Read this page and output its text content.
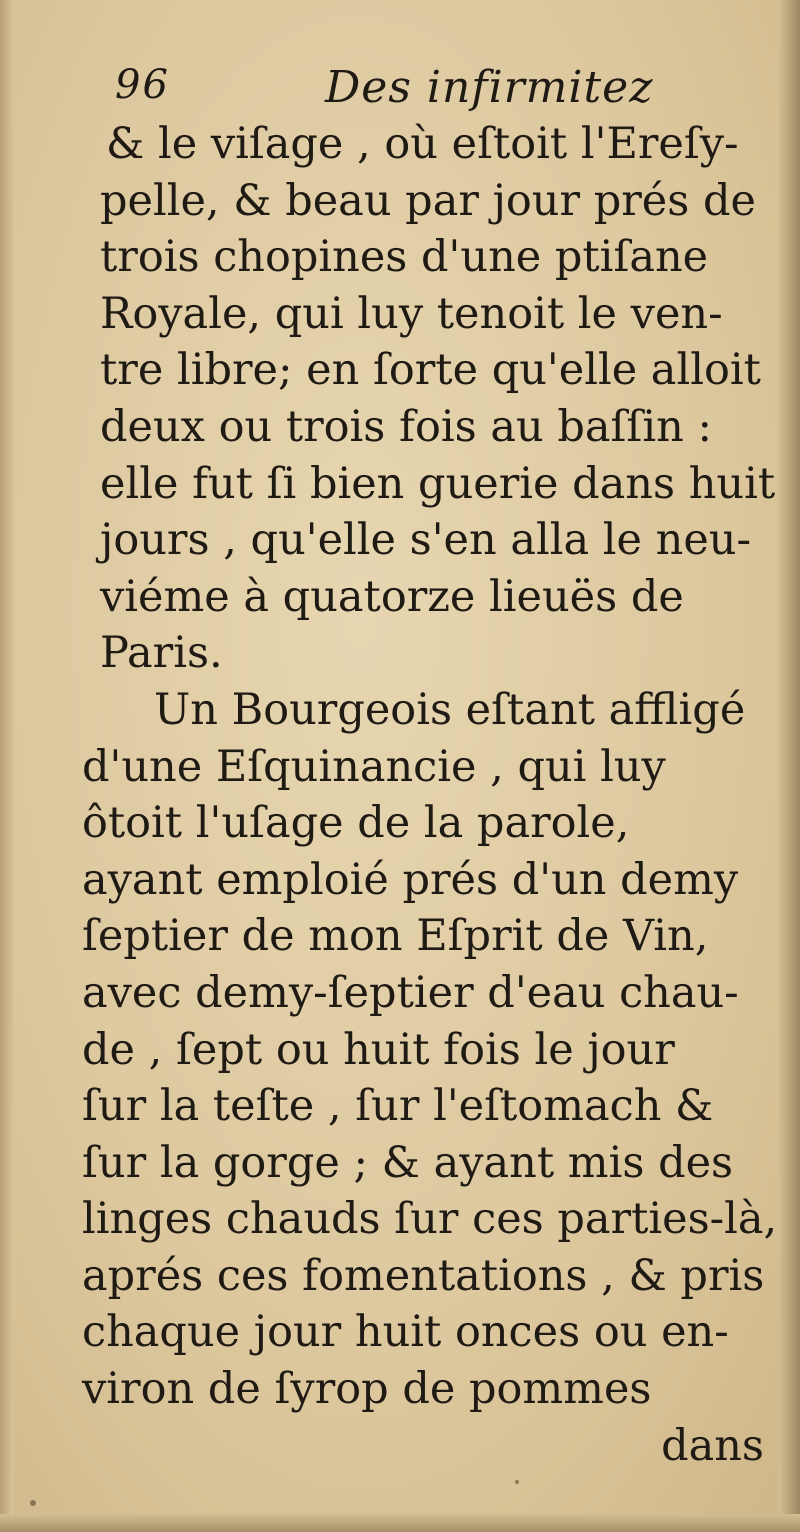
96	Des infirmitez
& le viſage , où eſtoit l'Ereſy-
pelle, & beau par jour prés de
trois chopines d'une ptiſane
Royale, qui luy tenoit le ven-
tre libre; en ſorte qu'elle alloit
deux ou trois fois au baſſin :
elle fut ſi bien guerie dans huit
jours , qu'elle s'en alla le neu-
viéme à quatorze lieuës de
Paris.
Un Bourgeois eſtant affligé
d'une Eſquinancie , qui luy
ôtoit l'uſage de la parole,
ayant emploié prés d'un demy
ſeptier de mon Eſprit de Vin,
avec demy-ſeptier d'eau chau-
de , ſept ou huit fois le jour
ſur la teſte , ſur l'eſtomach &
ſur la gorge ; & ayant mis des
linges chauds ſur ces parties-là,
aprés ces fomentations , & pris
chaque jour huit onces ou en-
viron de ſyrop de pommes
dans
